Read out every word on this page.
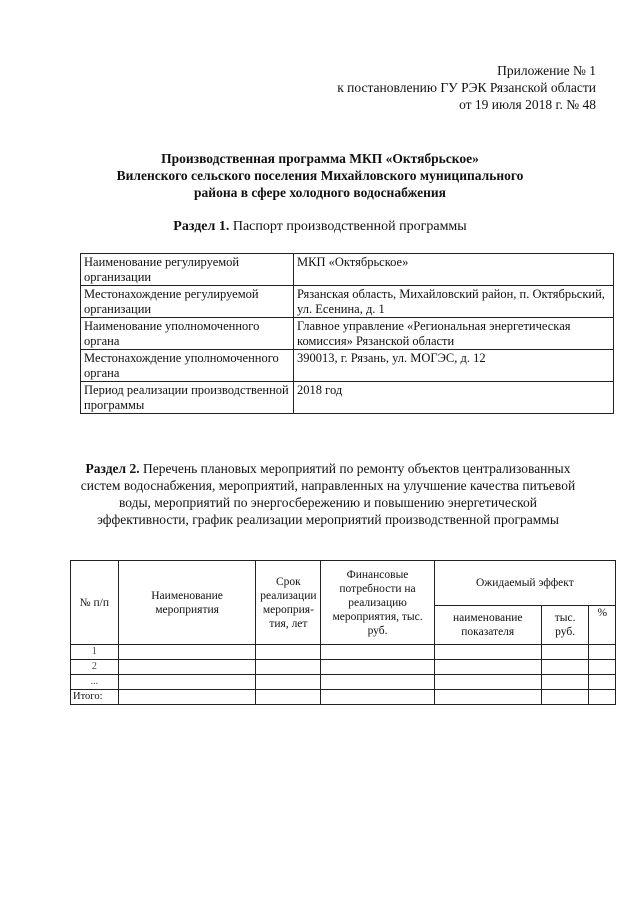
Приложение № 1
к постановлению ГУ РЭК Рязанской области
от 19 июля 2018 г. № 48
Производственная программа МКП «Октябрьское»
Виленского сельского поселения Михайловского муниципального
района в сфере холодного водоснабжения
Раздел 1. Паспорт производственной программы
Наименование регулируемой организации	МКП «Октябрьское»
Местонахождение регулируемой организации	Рязанская область, Михайловский район, п. Октябрьский, ул. Есенина, д. 1
Наименование уполномоченного органа	Главное управление «Региональная энергетическая комиссия» Рязанской области
Местонахождение уполномоченного органа	390013, г. Рязань, ул. МОГЭС, д. 12
Период реализации производственной программы	2018 год
Раздел 2. Перечень плановых мероприятий по ремонту объектов централизованных систем водоснабжения, мероприятий, направленных на улучшение качества питьевой воды, мероприятий по энергосбережению и повышению энергетической эффективности, график реализации мероприятий производственной программы
№ п/п	Наименование мероприятия	Срок реализации мероприя-тия, лет	Финансовые потребности на реализацию мероприятия, тыс. руб.	Ожидаемый эффект		
				наименование показателя	тыс. руб.	%
1						
2						
...						
Итого:						
